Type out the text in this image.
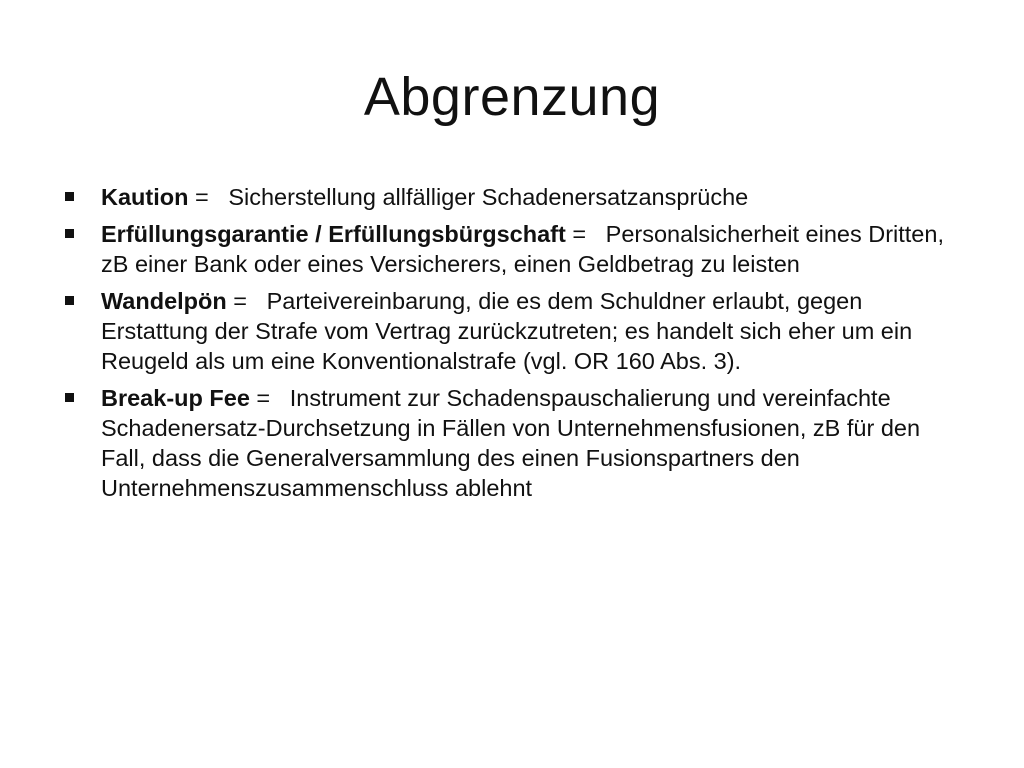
Abgrenzung
Kaution =   Sicherstellung allfälliger Schadenersatzansprüche
Erfüllungsgarantie / Erfüllungsbürgschaft =   Personalsicherheit eines Dritten, zB einer Bank oder eines Versicherers, einen Geldbetrag zu leisten
Wandelpön =   Parteivereinbarung, die es dem Schuldner erlaubt, gegen Erstattung der Strafe vom Vertrag zurückzutreten; es handelt sich eher um ein Reugeld als um eine Konventionalstrafe (vgl. OR 160 Abs. 3).
Break-up Fee =   Instrument zur Schadenspauschalierung und vereinfachte Schadenersatz-Durchsetzung in Fällen von Unternehmensfusionen, zB für den Fall, dass die Generalversammlung des einen Fusionspartners den Unternehmenszusammenschluss ablehnt
